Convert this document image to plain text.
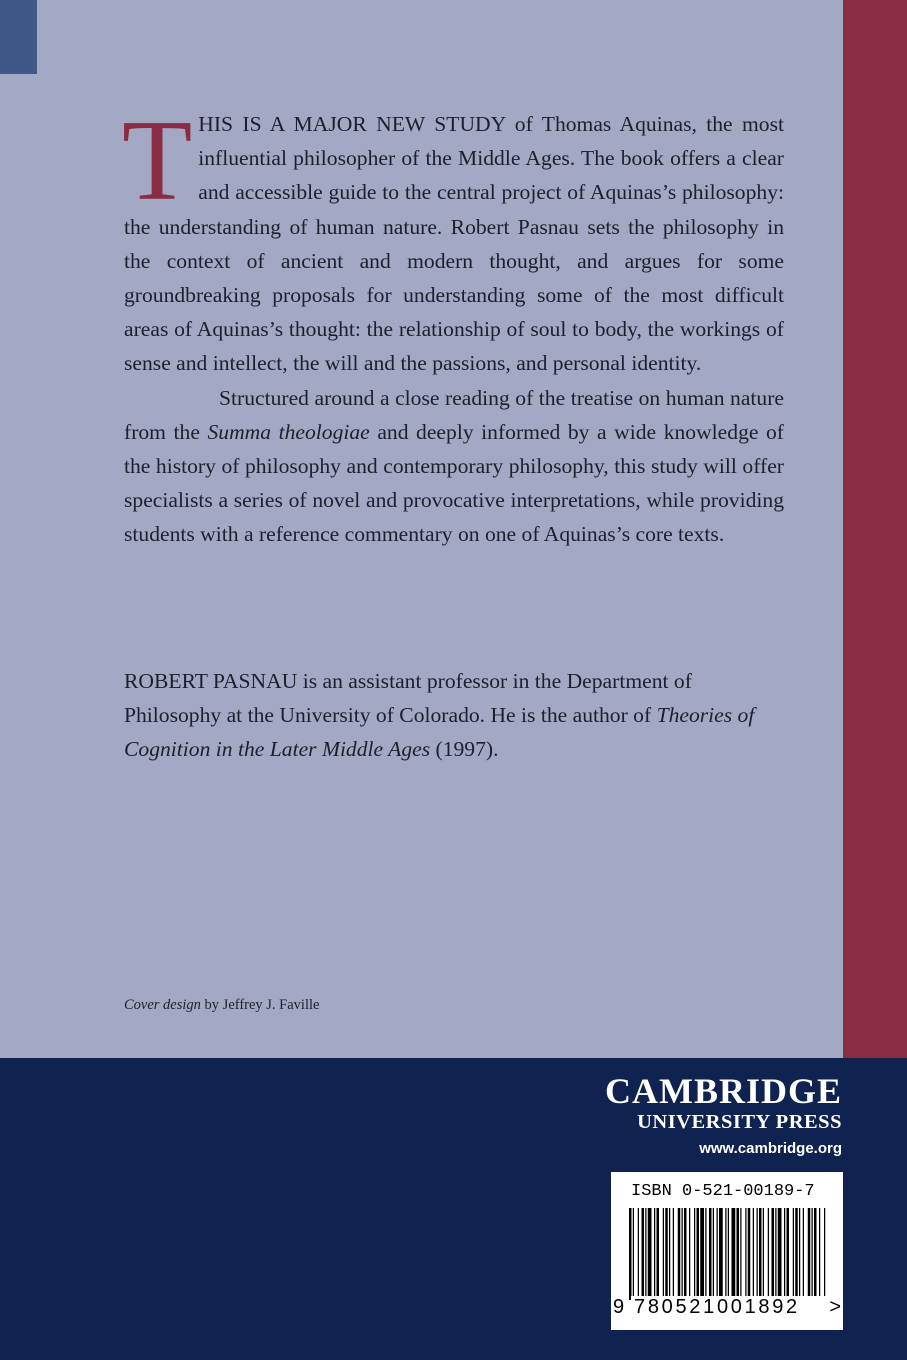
THIS IS A MAJOR NEW STUDY of Thomas Aquinas, the most influential philosopher of the Middle Ages. The book offers a clear and accessible guide to the central project of Aquinas’s philosophy: the understanding of human nature. Robert Pasnau sets the philosophy in the context of ancient and modern thought, and argues for some groundbreaking proposals for understanding some of the most difficult areas of Aquinas’s thought: the relationship of soul to body, the workings of sense and intellect, the will and the passions, and personal identity.

Structured around a close reading of the treatise on human nature from the Summa theologiae and deeply informed by a wide knowledge of the history of philosophy and contemporary philosophy, this study will offer specialists a series of novel and provocative interpretations, while providing students with a reference commentary on one of Aquinas’s core texts.

ROBERT PASNAU is an assistant professor in the Department of Philosophy at the University of Colorado. He is the author of Theories of Cognition in the Later Middle Ages (1997).

Cover design by Jeffrey J. Faville

CAMBRIDGE
UNIVERSITY PRESS
www.cambridge.org
ISBN 0-521-00189-7
9 780521001892	>
